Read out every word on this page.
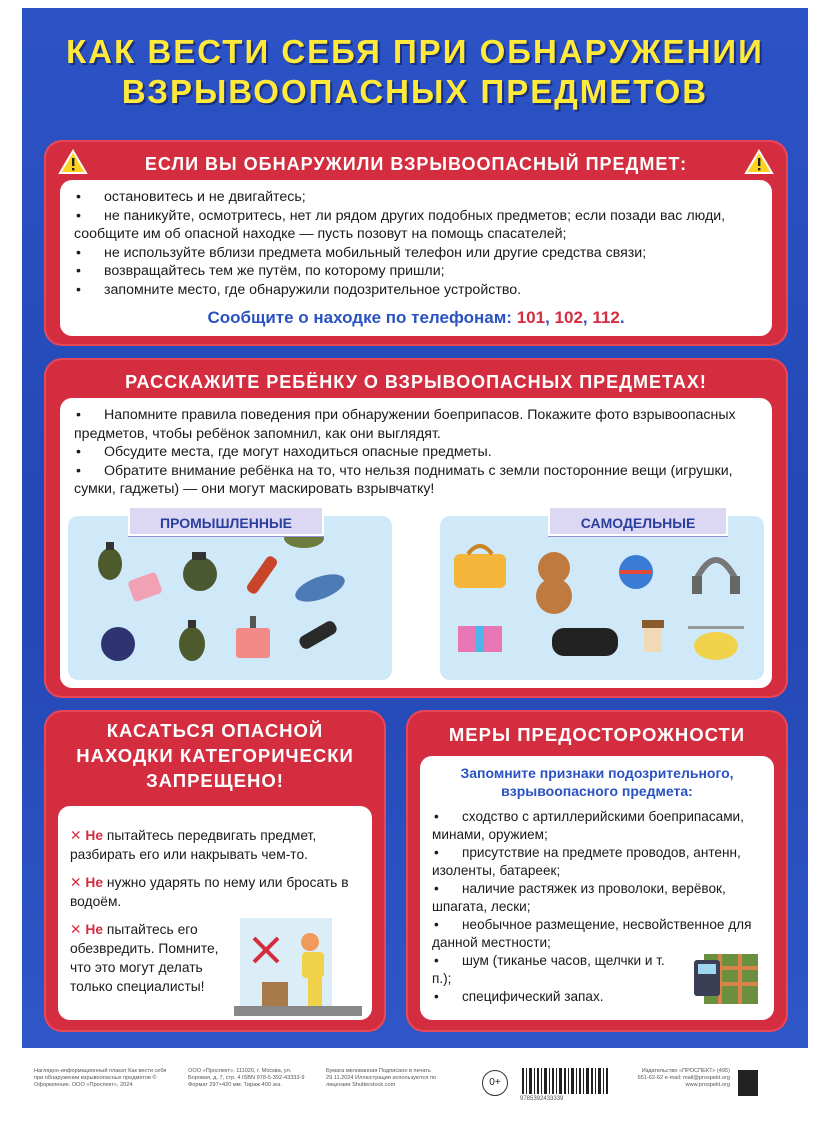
КАК ВЕСТИ СЕБЯ ПРИ ОБНАРУЖЕНИИ
ВЗРЫВООПАСНЫХ ПРЕДМЕТОВ
ЕСЛИ ВЫ ОБНАРУЖИЛИ ВЗРЫВООПАСНЫЙ ПРЕДМЕТ:
• остановитесь и не двигайтесь;
• не паникуйте, осмотритесь, нет ли рядом других подобных предметов; если позади вас люди, сообщите им об опасной находке — пусть позовут на помощь спасателей;
• не используйте вблизи предмета мобильный телефон или другие средства связи;
• возвращайтесь тем же путём, по которому пришли;
• запомните место, где обнаружили подозрительное устройство.
Сообщите о находке по телефонам: 101, 102, 112.
РАССКАЖИТЕ РЕБЁНКУ О ВЗРЫВООПАСНЫХ ПРЕДМЕТАХ!
• Напомните правила поведения при обнаружении боеприпасов. Покажите фото взрывоопасных предметов, чтобы ребёнок запомнил, как они выглядят.
• Обсудите места, где могут находиться опасные предметы.
• Обратите внимание ребёнка на то, что нельзя поднимать с земли посторонние вещи (игрушки, сумки, гаджеты) — они могут маскировать взрывчатку!
ПРОМЫШЛЕННЫЕ	САМОДЕЛЬНЫЕ
КАСАТЬСЯ ОПАСНОЙ
НАХОДКИ КАТЕГОРИЧЕСКИ
ЗАПРЕЩЕНО!
✕ Не пытайтесь передвигать предмет, разбирать его или накрывать чем-то.
✕ Не нужно ударять по нему или бросать в водоём.
✕ Не пытайтесь его обезвредить. Помните, что это могут делать только специалисты!
МЕРЫ ПРЕДОСТОРОЖНОСТИ
Запомните признаки подозрительного, взрывоопасного предмета:
• сходство с артиллерийскими боеприпасами, минами, оружием;
• присутствие на предмете проводов, антенн, изоленты, батареек;
• наличие растяжек из проволоки, верёвок, шпагата, лески;
• необычное размещение, несвойственное для данной местности;
• шум (тиканье часов, щелчки и т. п.);
• специфический запах.
Наглядно-информационный плакат Как вести себя при обнаружении взрывоопасных предметов © Оформление. ООО «Проспект», 2024
ООО «Проспект». 111020, г. Москва, ул. Боровая, д. 7, стр. 4 ISBN 978-5-392-43333-9 Формат 297×420 мм. Тираж 400 экз.
Бумага мелованная Подписано в печать 29.11.2024 Иллюстрации используются по лицензии Shutterstock.com	0+
9785392433339
Издательство «ПРОСПЕКТ» (495) 651-62-62 e-mail: mail@prospekt.org www.prospekt.org
